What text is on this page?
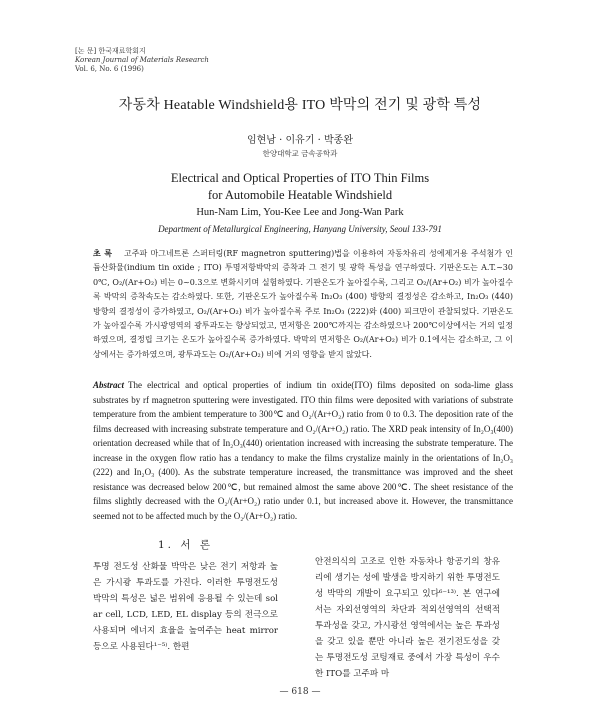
[논 문] 한국재료학회지
Korean Journal of Materials Research
Vol. 6, No. 6 (1996)
자동차 Heatable Windshield용 ITO 박막의 전기 및 광학 특성
임현남 · 이유기 · 박종완
한양대학교 금속공학과
Electrical and Optical Properties of ITO Thin Films
for Automobile Heatable Windshield
Hun-Nam Lim, You-Kee Lee and Jong-Wan Park
Department of Metallurgical Engineering, Hanyang University, Seoul 133-791
초 록 고주파 마그네트론 스퍼터링(RF magnetron sputtering)법을 이용하여 자동차유리 성에제거용 주석첨가 인듐산화물(indium tin oxide ; ITO) 투명저항박막의 증착과 그 전기 및 광학 특성을 연구하였다. 기판온도는 A.T.~300℃, O₂/(Ar+O₂) 비는 0~0.3으로 변화시키며 실험하였다. 기판온도가 높아질수록, 그리고 O₂/(Ar+O₂) 비가 높아질수록 박막의 증착속도는 감소하였다. 또한, 기판온도가 높아질수록 In₂O₃ (400) 방향의 결정성은 감소하고, In₂O₃ (440) 방향의 결정성이 증가하였고, O₂/(Ar+O₂) 비가 높아질수록 주로 In₂O₃ (222)와 (400) 피크만이 관찰되었다. 기판온도가 높아질수록 가시광영역의 광투과도는 향상되었고, 면저항은 200℃까지는 감소하였으나 200℃이상에서는 거의 일정하였으며, 결정립 크기는 온도가 높아질수록 증가하였다. 박막의 면저항은 O₂/(Ar+O₂) 비가 0.1에서는 감소하고, 그 이상에서는 증가하였으며, 광투과도는 O₂/(Ar+O₂) 비에 거의 영향을 받지 않았다.
Abstract The electrical and optical properties of indium tin oxide(ITO) films deposited on soda-lime glass substrates by rf magnetron sputtering were investigated. ITO thin films were deposited with variations of substrate temperature from the ambient temperature to 300℃ and O₂/(Ar+O₂) ratio from 0 to 0.3. The deposition rate of the films decreased with increasing substrate temperature and O₂/(Ar+O₂) ratio. The XRD peak intensity of In₂O₃(400) orientation decreased while that of In₂O₃(440) orientation increased with increasing the substrate temperature. The increase in the oxygen flow ratio has a tendancy to make the films crystalize mainly in the orientations of In₂O₃ (222) and In₂O₃ (400). As the substrate temperature increased, the transmittance was improved and the sheet resistance was decreased below 200℃, but remained almost the same above 200℃. The sheet resistance of the films slightly decreased with the O₂/(Ar+O₂) ratio under 0.1, but increased above it. However, the transmittance seemed not to be affected much by the O₂/(Ar+O₂) ratio.
1. 서 론
투명 전도성 산화물 박막은 낮은 전기 저항과 높은 가시광 투과도를 가진다. 이러한 투명전도성 박막의 특성은 넓은 범위에 응용될 수 있는데 solar cell, LCD, LED, EL display 등의 전극으로 사용되며 에너지 효율을 높여주는 heat mirror 등으로 사용된다¹⁻⁵⁾. 한편
안전의식의 고조로 인한 자동차나 항공기의 창유리에 생기는 성에 발생을 방지하기 위한 투명전도성 박막의 개발이 요구되고 있다⁶⁻¹³⁾. 본 연구에서는 자외선영역의 차단과 적외선영역의 선택적 투과성을 갖고, 가시광선 영역에서는 높은 투과성을 갖고 있을 뿐만 아니라 높은 전기전도성을 갖는 투명전도성 코팅재료 중에서 가장 특성이 우수한 ITO를 고주파 마
— 618 —
